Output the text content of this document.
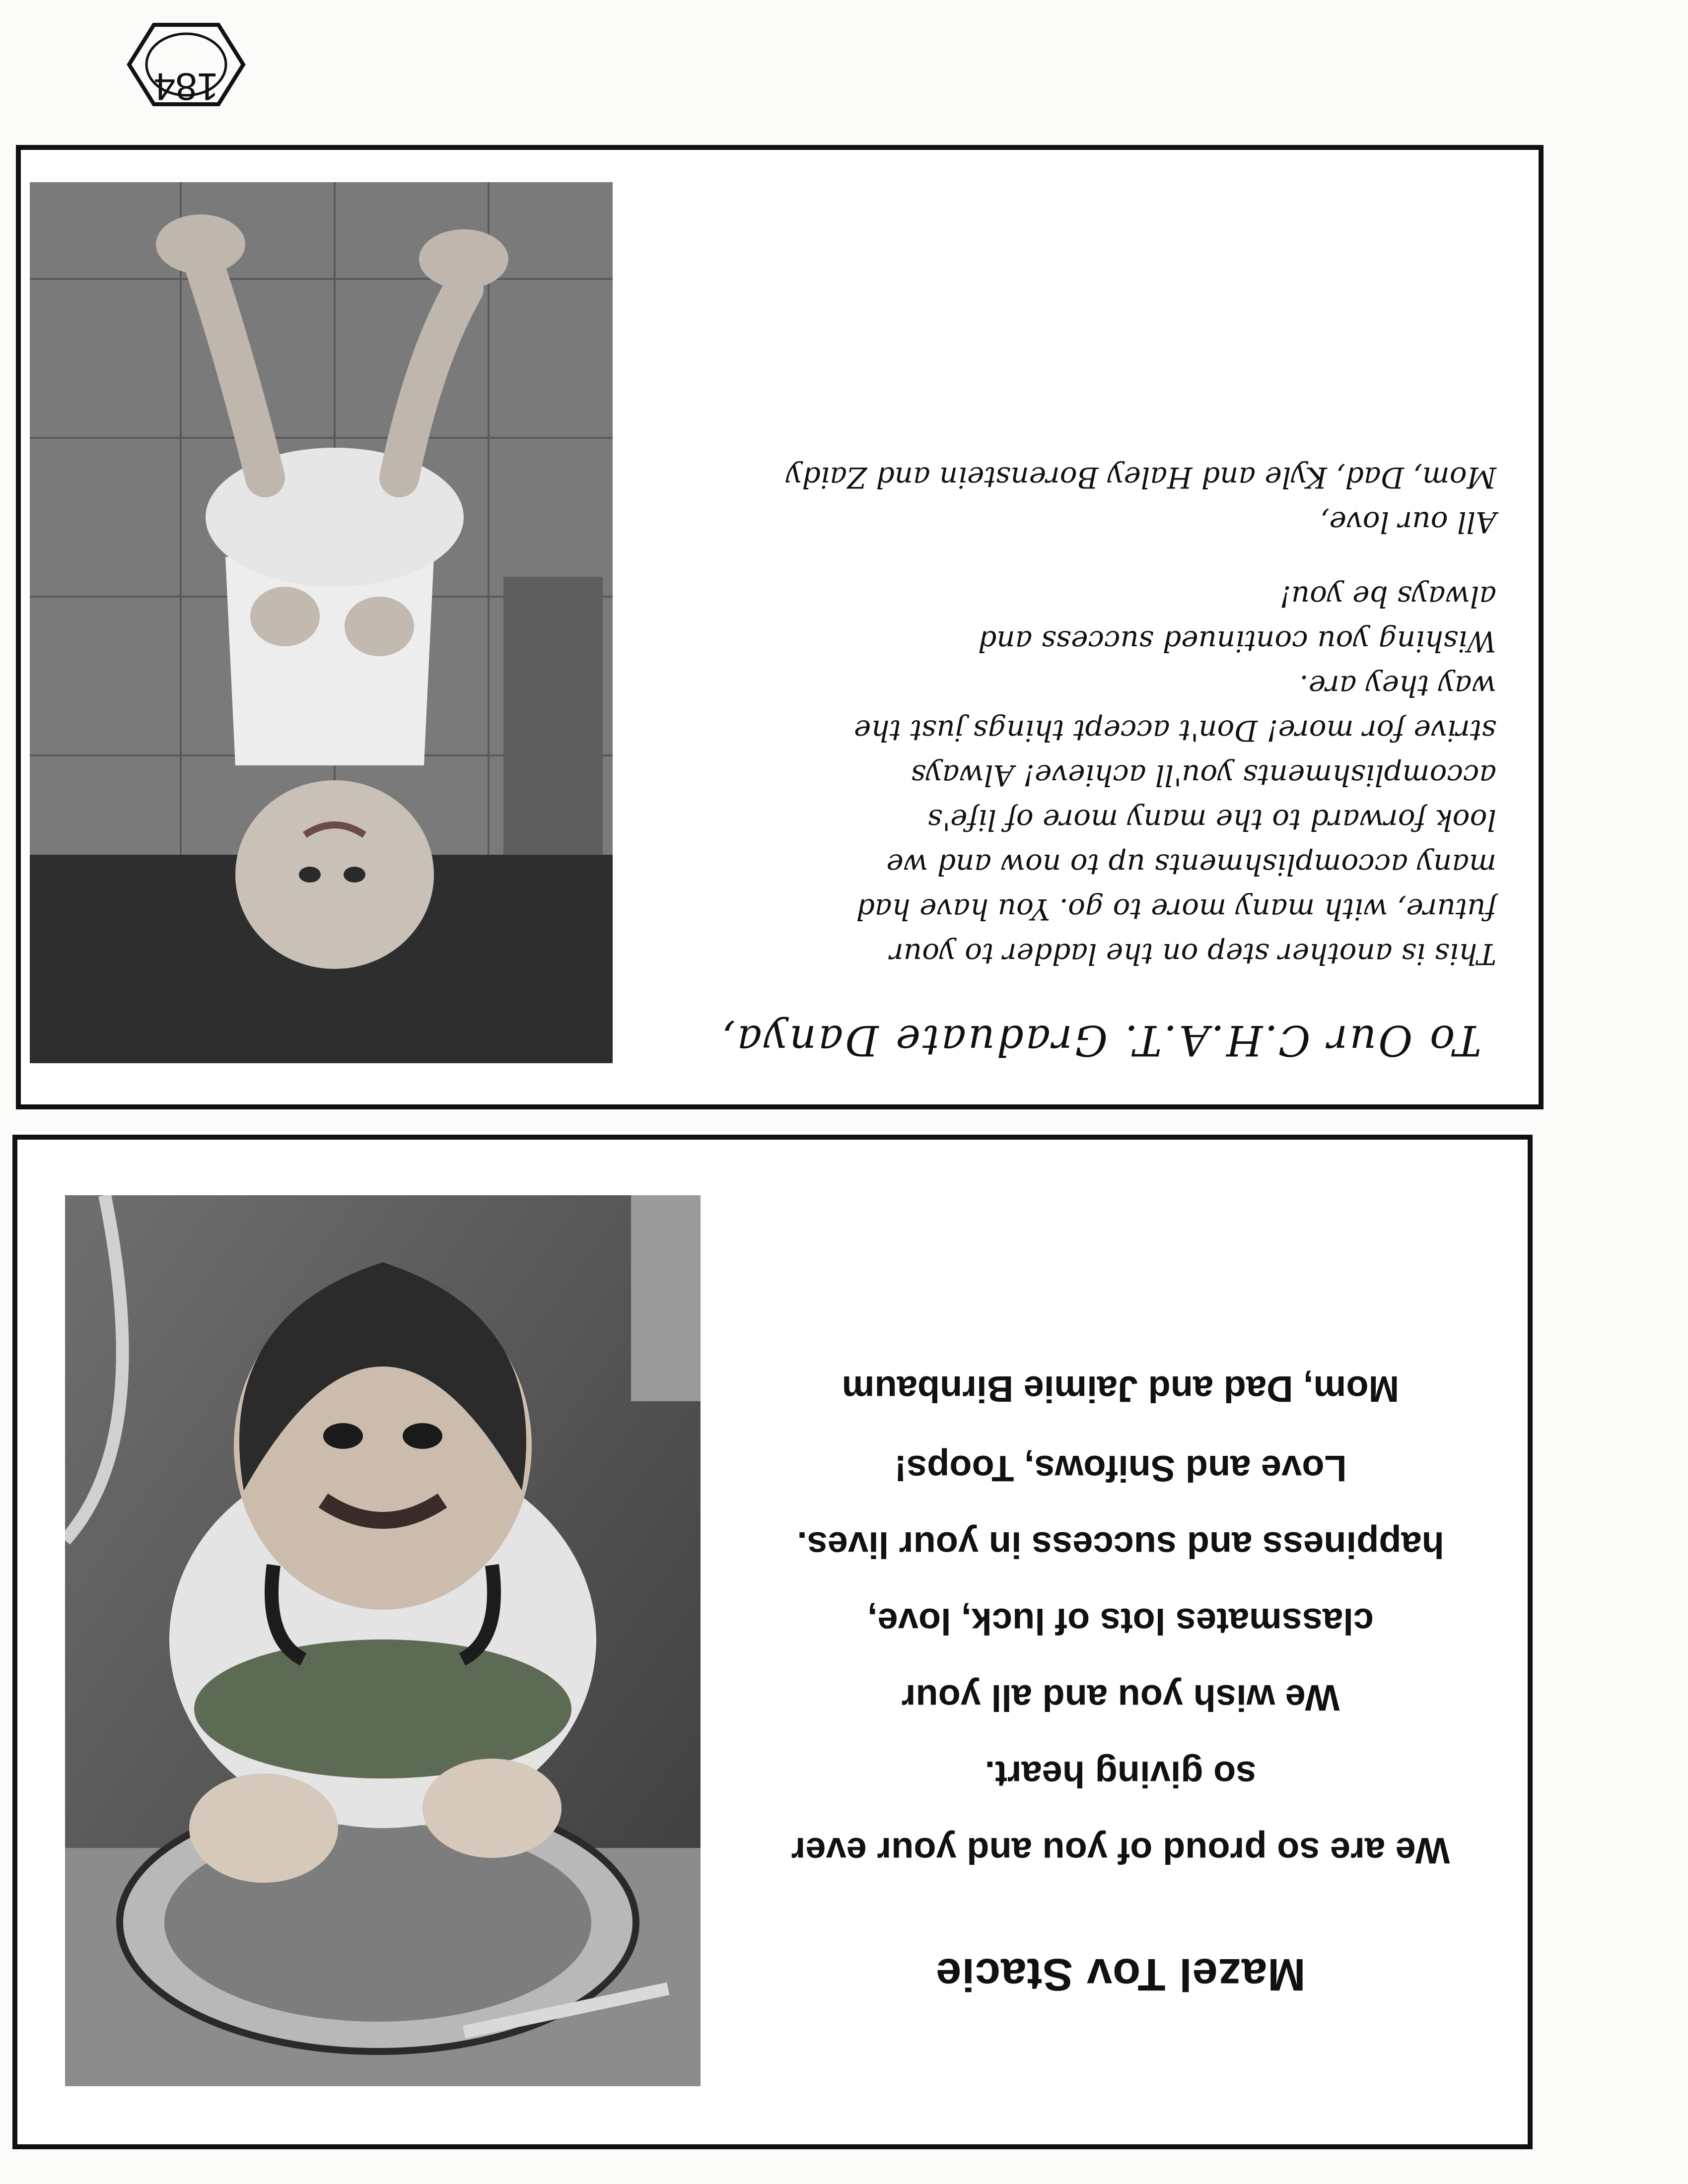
Mazel Tov Stacie
We are so proud of you and your ever
so giving heart.
We wish you and all your
classmates lots of luck, love,
happiness and success in your lives.
Love and Snifows, Toops!
Mom, Dad and Jaimie Birnbaum
To Our C.H.A.T. Graduate Danya,
This is another step on the ladder to your
future, with many more to go. You have had
many accomplishments up to now and we
look forward to the many more of life's
accomplishments you'll achieve! Always
strive for more! Don't accept things just the
way they are.
Wishing you continued success and
always be you!
All our love,
Mom, Dad, Kyle and Haley Borenstein and Zaidy
184
